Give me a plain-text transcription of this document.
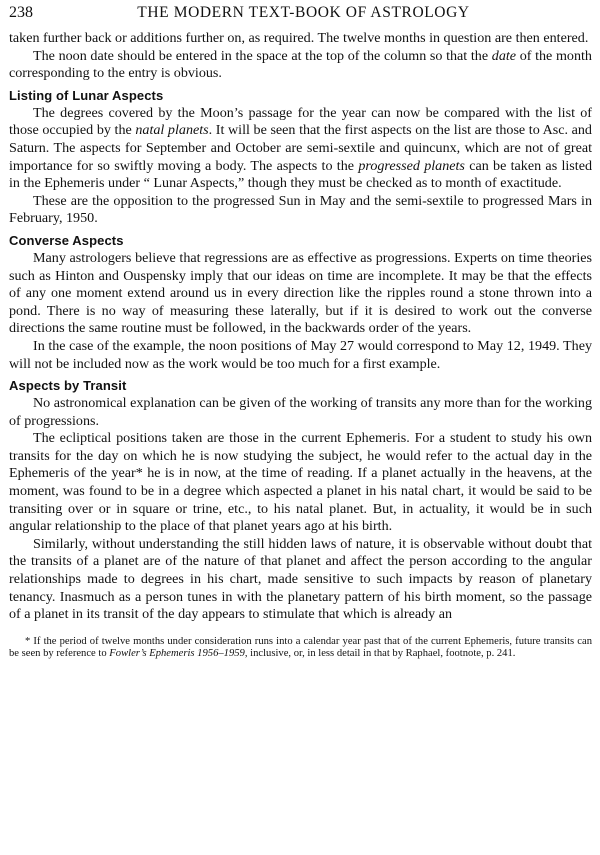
238	THE MODERN TEXT-BOOK OF ASTROLOGY

taken further back or additions further on, as required. The twelve months in question are then entered.

The noon date should be entered in the space at the top of the column so that the date of the month corresponding to the entry is obvious.

Listing of Lunar Aspects

The degrees covered by the Moon’s passage for the year can now be compared with the list of those occupied by the natal planets. It will be seen that the first aspects on the list are those to Asc. and Saturn. The aspects for September and October are semi-sextile and quincunx, which are not of great importance for so swiftly moving a body. The aspects to the progressed planets can be taken as listed in the Ephemeris under “ Lunar Aspects,” though they must be checked as to month of exactitude.

These are the opposition to the progressed Sun in May and the semi-sextile to progressed Mars in February, 1950.

Converse Aspects

Many astrologers believe that regressions are as effective as progressions. Experts on time theories such as Hinton and Ouspensky imply that our ideas on time are incomplete. It may be that the effects of any one moment extend around us in every direction like the ripples round a stone thrown into a pond. There is no way of measuring these laterally, but if it is desired to work out the converse directions the same routine must be followed, in the backwards order of the years.

In the case of the example, the noon positions of May 27 would correspond to May 12, 1949. They will not be included now as the work would be too much for a first example.

Aspects by Transit

No astronomical explanation can be given of the working of transits any more than for the working of progressions.

The ecliptical positions taken are those in the current Ephemeris. For a student to study his own transits for the day on which he is now studying the subject, he would refer to the actual day in the Ephemeris of the year* he is in now, at the time of reading. If a planet actually in the heavens, at the moment, was found to be in a degree which aspected a planet in his natal chart, it would be said to be transiting over or in square or trine, etc., to his natal planet. But, in actuality, it would be in such angular relationship to the place of that planet years ago at his birth.

Similarly, without understanding the still hidden laws of nature, it is observable without doubt that the transits of a planet are of the nature of that planet and affect the person according to the angular relationships made to degrees in his chart, made sensitive to such impacts by reason of planetary tenancy. Inasmuch as a person tunes in with the planetary pattern of his birth moment, so the passage of a planet in its transit of the day appears to stimulate that which is already an

* If the period of twelve months under consideration runs into a calendar year past that of the current Ephemeris, future transits can be seen by reference to Fowler’s Ephemeris 1956–1959, inclusive, or, in less detail in that by Raphael, footnote, p. 241.
